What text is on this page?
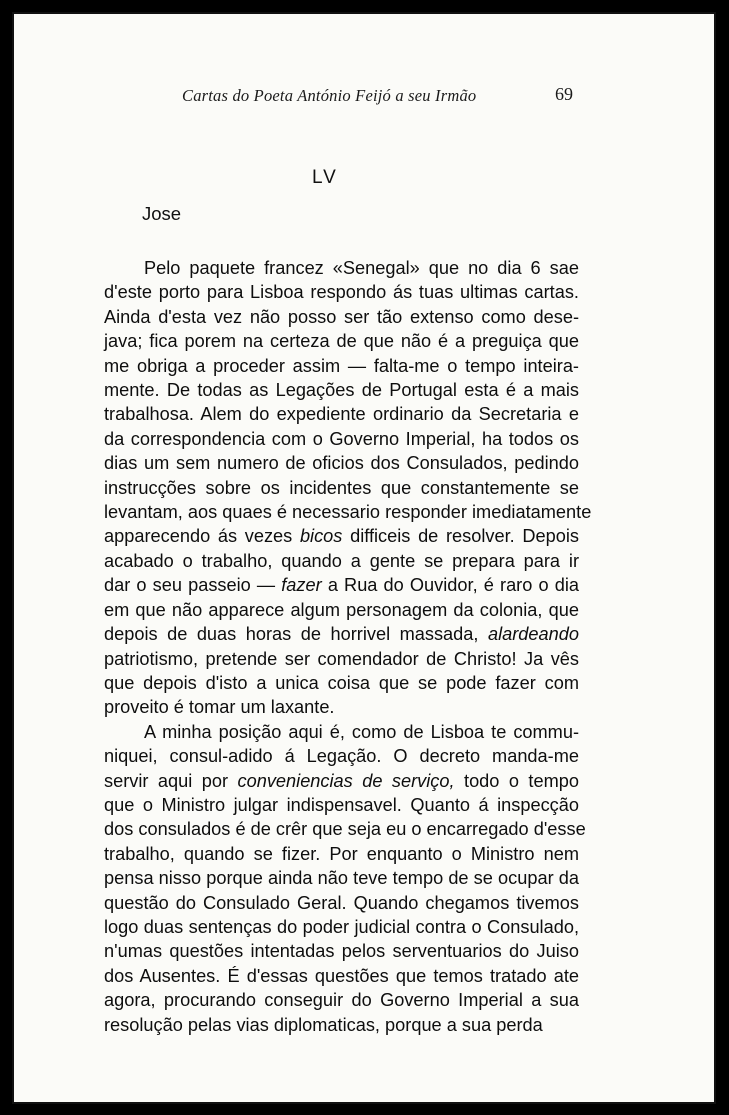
Cartas do Poeta António Feijó a seu Irmão	69
LV
Jose

Pelo paquete francez «Senegal» que no dia 6 sae
d'este porto para Lisboa respondo ás tuas ultimas cartas.
Ainda d'esta vez não posso ser tão extenso como dese-
java; fica porem na certeza de que não é a preguiça que
me obriga a proceder assim — falta-me o tempo inteira-
mente. De todas as Legações de Portugal esta é a mais
trabalhosa. Alem do expediente ordinario da Secretaria e
da correspondencia com o Governo Imperial, ha todos os
dias um sem numero de oficios dos Consulados, pedindo
instrucções sobre os incidentes que constantemente se
levantam, aos quaes é necessario responder imediatamente
apparecendo ás vezes bicos difficeis de resolver. Depois
acabado o trabalho, quando a gente se prepara para ir
dar o seu passeio — fazer a Rua do Ouvidor, é raro o dia
em que não apparece algum personagem da colonia, que
depois de duas horas de horrivel massada, alardeando
patriotismo, pretende ser comendador de Christo! Ja vês
que depois d'isto a unica coisa que se pode fazer com
proveito é tomar um laxante.

A minha posição aqui é, como de Lisboa te commu-
niquei, consul-adido á Legação. O decreto manda-me
servir aqui por conveniencias de serviço, todo o tempo
que o Ministro julgar indispensavel. Quanto á inspecção
dos consulados é de crêr que seja eu o encarregado d'esse
trabalho, quando se fizer. Por enquanto o Ministro nem
pensa nisso porque ainda não teve tempo de se ocupar da
questão do Consulado Geral. Quando chegamos tivemos
logo duas sentenças do poder judicial contra o Consulado,
n'umas questões intentadas pelos serventuarios do Juiso
dos Ausentes. É d'essas questões que temos tratado ate
agora, procurando conseguir do Governo Imperial a sua
resolução pelas vias diplomaticas, porque a sua perda
